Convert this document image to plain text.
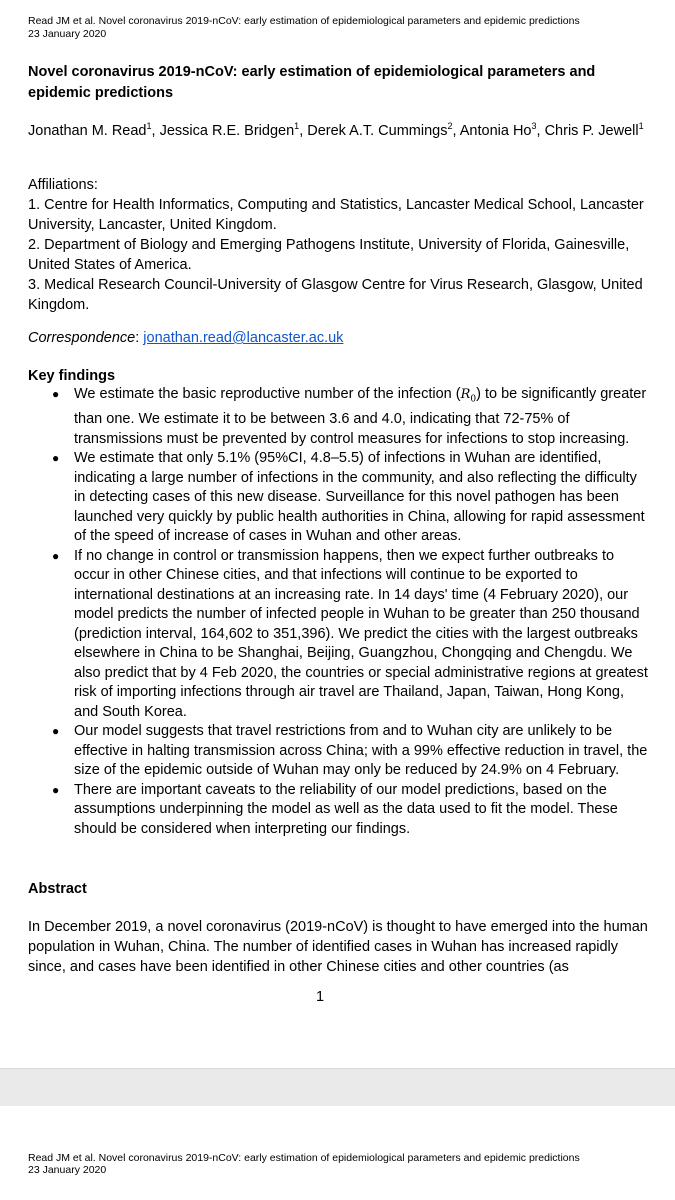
Read JM et al. Novel coronavirus 2019-nCoV: early estimation of epidemiological parameters and epidemic predictions
23 January 2020
Novel coronavirus 2019-nCoV: early estimation of epidemiological parameters and epidemic predictions
Jonathan M. Read$^1$, Jessica R.E. Bridgen$^1$, Derek A.T. Cummings$^2$, Antonia Ho$^3$, Chris P. Jewell$^1$
Affiliations:
1. Centre for Health Informatics, Computing and Statistics, Lancaster Medical School, Lancaster University, Lancaster, United Kingdom.
2. Department of Biology and Emerging Pathogens Institute, University of Florida, Gainesville, United States of America.
3. Medical Research Council-University of Glasgow Centre for Virus Research, Glasgow, United Kingdom.
Correspondence: jonathan.read@lancaster.ac.uk
Key findings
● We estimate the basic reproductive number of the infection $(R_0)$ to be significantly greater than one. We estimate it to be between 3.6 and 4.0, indicating that 72-75% of transmissions must be prevented by control measures for infections to stop increasing.
● We estimate that only 5.1% (95%CI, 4.8–5.5) of infections in Wuhan are identified, indicating a large number of infections in the community, and also reflecting the difficulty in detecting cases of this new disease. Surveillance for this novel pathogen has been launched very quickly by public health authorities in China, allowing for rapid assessment of the speed of increase of cases in Wuhan and other areas.
● If no change in control or transmission happens, then we expect further outbreaks to occur in other Chinese cities, and that infections will continue to be exported to international destinations at an increasing rate. In 14 days' time (4 February 2020), our model predicts the number of infected people in Wuhan to be greater than 250 thousand (prediction interval, 164,602 to 351,396). We predict the cities with the largest outbreaks elsewhere in China to be Shanghai, Beijing, Guangzhou, Chongqing and Chengdu. We also predict that by 4 Feb 2020, the countries or special administrative regions at greatest risk of importing infections through air travel are Thailand, Japan, Taiwan, Hong Kong, and South Korea.
● Our model suggests that travel restrictions from and to Wuhan city are unlikely to be effective in halting transmission across China; with a 99% effective reduction in travel, the size of the epidemic outside of Wuhan may only be reduced by 24.9% on 4 February.
● There are important caveats to the reliability of our model predictions, based on the assumptions underpinning the model as well as the data used to fit the model. These should be considered when interpreting our findings.
Abstract

In December 2019, a novel coronavirus (2019-nCoV) is thought to have emerged into the human population in Wuhan, China. The number of identified cases in Wuhan has increased rapidly since, and cases have been identified in other Chinese cities and other countries (as

1
Read JM et al. Novel coronavirus 2019-nCoV: early estimation of epidemiological parameters and epidemic predictions
23 January 2020
